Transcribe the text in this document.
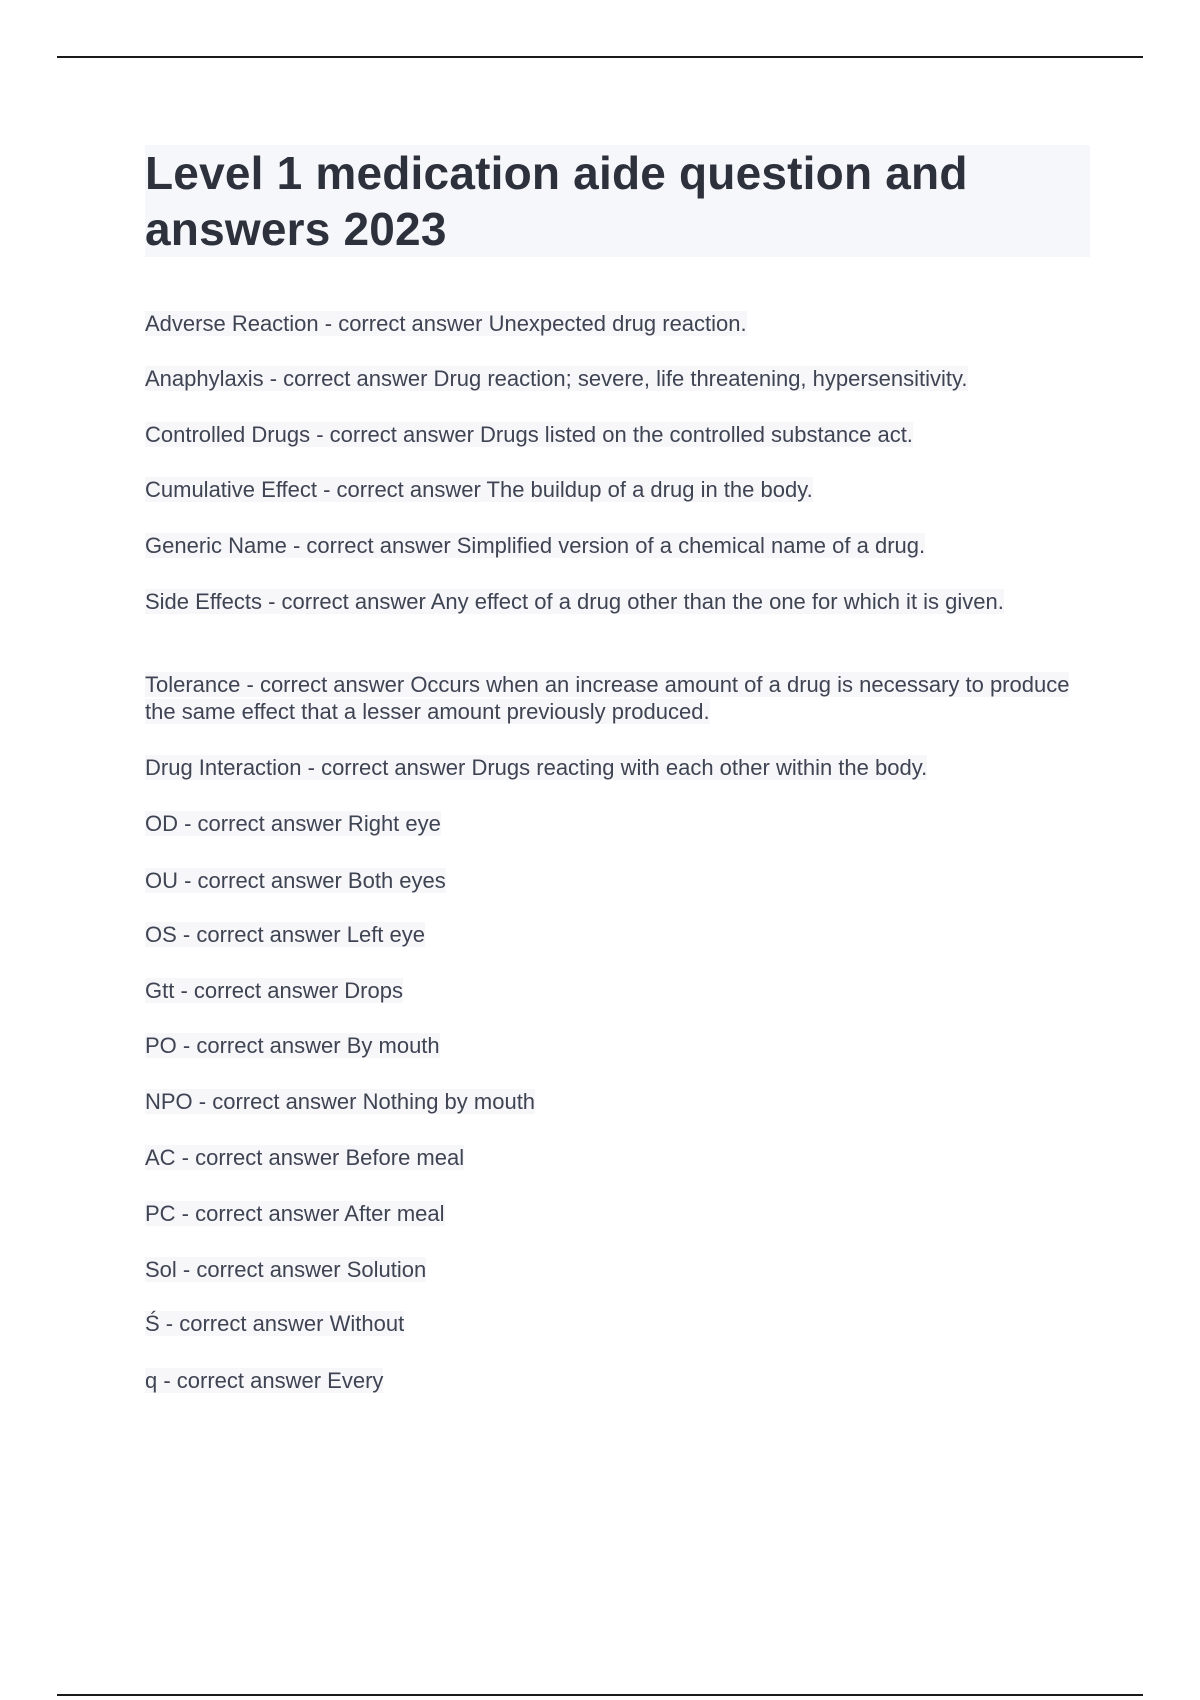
Level 1 medication aide question and answers 2023
Adverse Reaction - correct answer Unexpected drug reaction.
Anaphylaxis - correct answer Drug reaction; severe, life threatening, hypersensitivity.
Controlled Drugs - correct answer Drugs listed on the controlled substance act.
Cumulative Effect - correct answer The buildup of a drug in the body.
Generic Name - correct answer Simplified version of a chemical name of a drug.
Side Effects - correct answer Any effect of a drug other than the one for which it is given.
Tolerance - correct answer Occurs when an increase amount of a drug is necessary to produce the same effect that a lesser amount previously produced.
Drug Interaction - correct answer Drugs reacting with each other within the body.
OD - correct answer Right eye
OU - correct answer Both eyes
OS - correct answer Left eye
Gtt - correct answer Drops
PO - correct answer By mouth
NPO - correct answer Nothing by mouth
AC - correct answer Before meal
PC - correct answer After meal
Sol - correct answer Solution
Ś - correct answer Without
q - correct answer Every
